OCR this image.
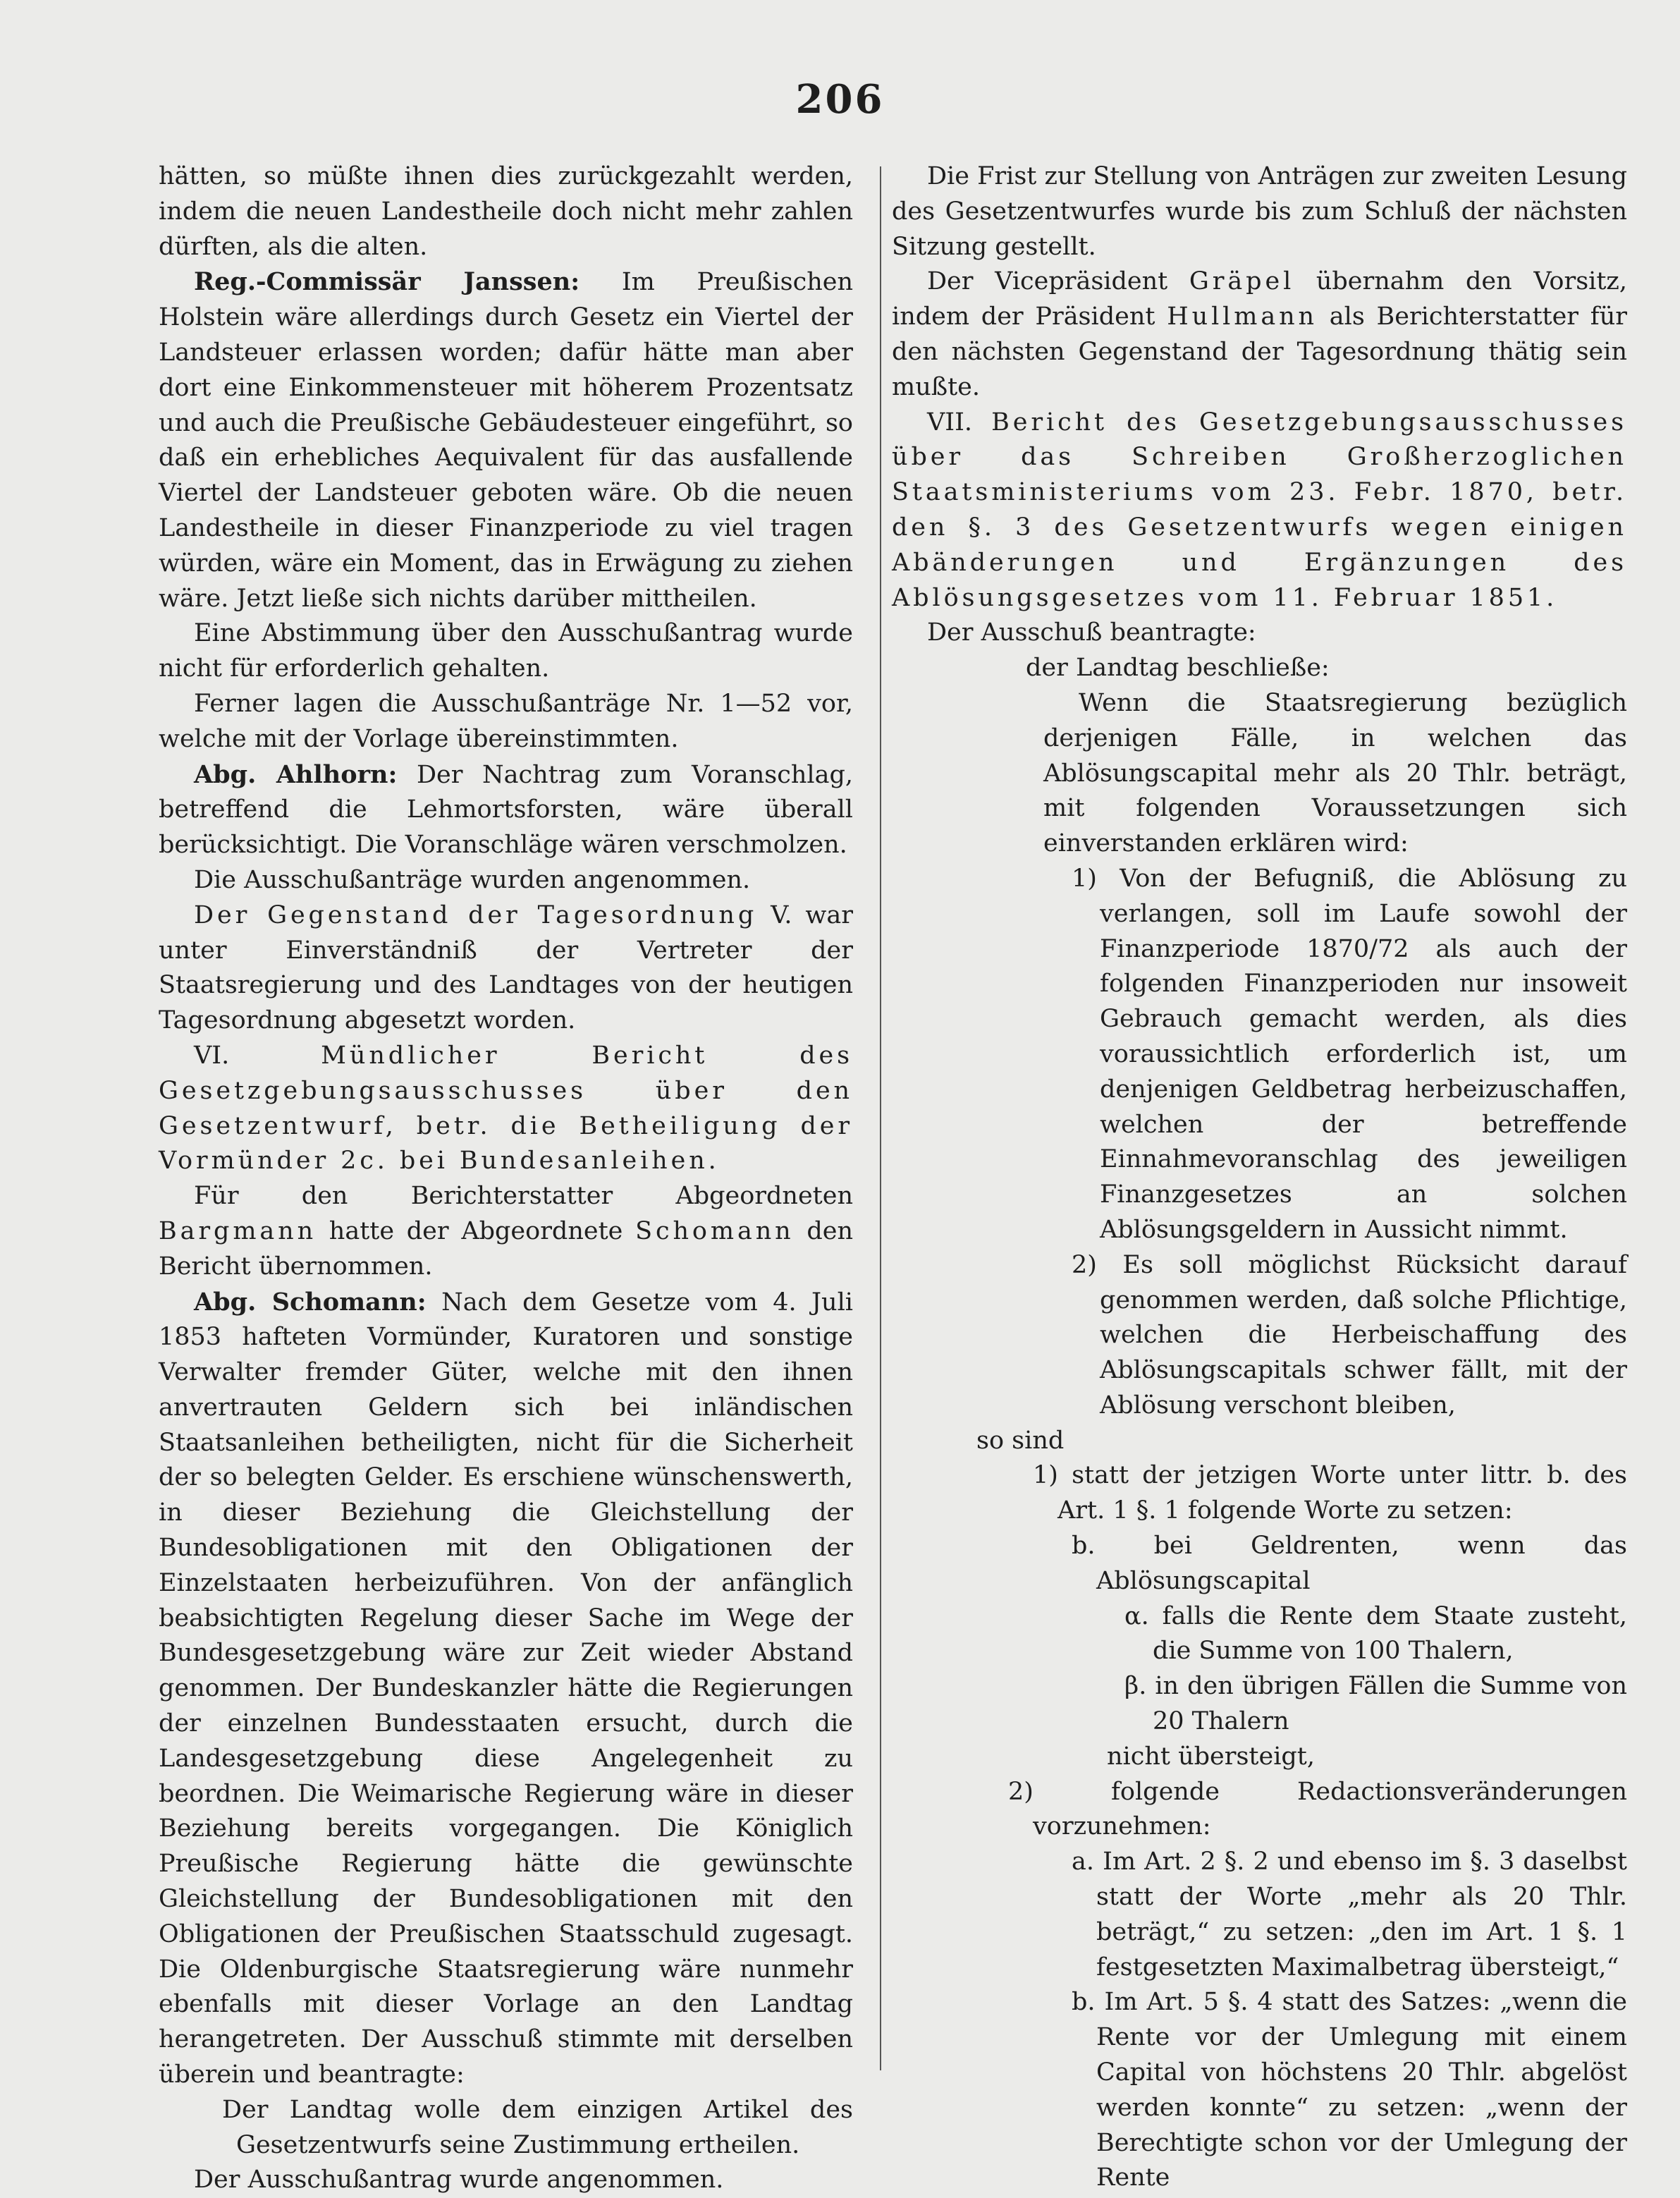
206

hätten, so müßte ihnen dies zurückgezahlt werden, indem die neuen Landestheile doch nicht mehr zahlen dürften, als die alten.

Reg.-Commissär Janssen: Im Preußischen Holstein wäre allerdings durch Gesetz ein Viertel der Landsteuer erlassen worden; dafür hätte man aber dort eine Einkommensteuer mit höherem Prozentsatz und auch die Preußische Gebäudesteuer eingeführt, so daß ein erhebliches Aequivalent für das ausfallende Viertel der Landsteuer geboten wäre. Ob die neuen Landestheile in dieser Finanzperiode zu viel tragen würden, wäre ein Moment, das in Erwägung zu ziehen wäre. Jetzt ließe sich nichts darüber mittheilen.

Eine Abstimmung über den Ausschußantrag wurde nicht für erforderlich gehalten.

Ferner lagen die Ausschußanträge Nr. 1—52 vor, welche mit der Vorlage übereinstimmten.

Abg. Ahlhorn: Der Nachtrag zum Voranschlag, betreffend die Lehmortsforsten, wäre überall berücksichtigt. Die Voranschläge wären verschmolzen.

Die Ausschußanträge wurden angenommen.

Der Gegenstand der Tagesordnung V. war unter Einverständniß der Vertreter der Staatsregierung und des Landtages von der heutigen Tagesordnung abgesetzt worden.

VI. Mündlicher Bericht des Gesetzgebungsausschusses über den Gesetzentwurf, betr. die Betheiligung der Vormünder 2c. bei Bundesanleihen.

Für den Berichterstatter Abgeordneten Bargmann hatte der Abgeordnete Schomann den Bericht übernommen.

Abg. Schomann: Nach dem Gesetze vom 4. Juli 1853 hafteten Vormünder, Kuratoren und sonstige Verwalter fremder Güter, welche mit den ihnen anvertrauten Geldern sich bei inländischen Staatsanleihen betheiligten, nicht für die Sicherheit der so belegten Gelder. Es erschiene wünschenswerth, in dieser Beziehung die Gleichstellung der Bundesobligationen mit den Obligationen der Einzelstaaten herbeizuführen. Von der anfänglich beabsichtigten Regelung dieser Sache im Wege der Bundesgesetzgebung wäre zur Zeit wieder Abstand genommen. Der Bundeskanzler hätte die Regierungen der einzelnen Bundesstaaten ersucht, durch die Landesgesetzgebung diese Angelegenheit zu beordnen. Die Weimarische Regierung wäre in dieser Beziehung bereits vorgegangen. Die Königlich Preußische Regierung hätte die gewünschte Gleichstellung der Bundesobligationen mit den Obligationen der Preußischen Staatsschuld zugesagt. Die Oldenburgische Staatsregierung wäre nunmehr ebenfalls mit dieser Vorlage an den Landtag herangetreten. Der Ausschuß stimmte mit derselben überein und beantragte:

Der Landtag wolle dem einzigen Artikel des Gesetzentwurfs seine Zustimmung ertheilen.

Der Ausschußantrag wurde angenommen.

Die Frist zur Stellung von Anträgen zur zweiten Lesung des Gesetzentwurfes wurde bis zum Schluß der nächsten Sitzung gestellt.

Der Vicepräsident Gräpel übernahm den Vorsitz, indem der Präsident Hullmann als Berichterstatter für den nächsten Gegenstand der Tagesordnung thätig sein mußte.

VII. Bericht des Gesetzgebungsausschusses über das Schreiben Großherzoglichen Staatsministeriums vom 23. Febr. 1870, betr. den §. 3 des Gesetzentwurfs wegen einigen Abänderungen und Ergänzungen des Ablösungsgesetzes vom 11. Februar 1851.

Der Ausschuß beantragte:

der Landtag beschließe:

Wenn die Staatsregierung bezüglich derjenigen Fälle, in welchen das Ablösungscapital mehr als 20 Thlr. beträgt, mit folgenden Voraussetzungen sich einverstanden erklären wird:

1) Von der Befugniß, die Ablösung zu verlangen, soll im Laufe sowohl der Finanzperiode 1870/72 als auch der folgenden Finanzperioden nur insoweit Gebrauch gemacht werden, als dies voraussichtlich erforderlich ist, um denjenigen Geldbetrag herbeizuschaffen, welchen der betreffende Einnahmevoranschlag des jeweiligen Finanzgesetzes an solchen Ablösungsgeldern in Aussicht nimmt.

2) Es soll möglichst Rücksicht darauf genommen werden, daß solche Pflichtige, welchen die Herbeischaffung des Ablösungscapitals schwer fällt, mit der Ablösung verschont bleiben,

so sind

1) statt der jetzigen Worte unter littr. b. des Art. 1 §. 1 folgende Worte zu setzen:

b. bei Geldrenten, wenn das Ablösungscapital

α. falls die Rente dem Staate zusteht, die Summe von 100 Thalern,

β. in den übrigen Fällen die Summe von 20 Thalern

nicht übersteigt,

2) folgende Redactionsveränderungen vorzunehmen:

a. Im Art. 2 §. 2 und ebenso im §. 3 daselbst statt der Worte „mehr als 20 Thlr. beträgt,“ zu setzen: „den im Art. 1 §. 1 festgesetzten Maximalbetrag übersteigt,“

b. Im Art. 5 §. 4 statt des Satzes: „wenn die Rente vor der Umlegung mit einem Capital von höchstens 20 Thlr. abgelöst werden konnte“ zu setzen: „wenn der Berechtigte schon vor der Umlegung der Rente
